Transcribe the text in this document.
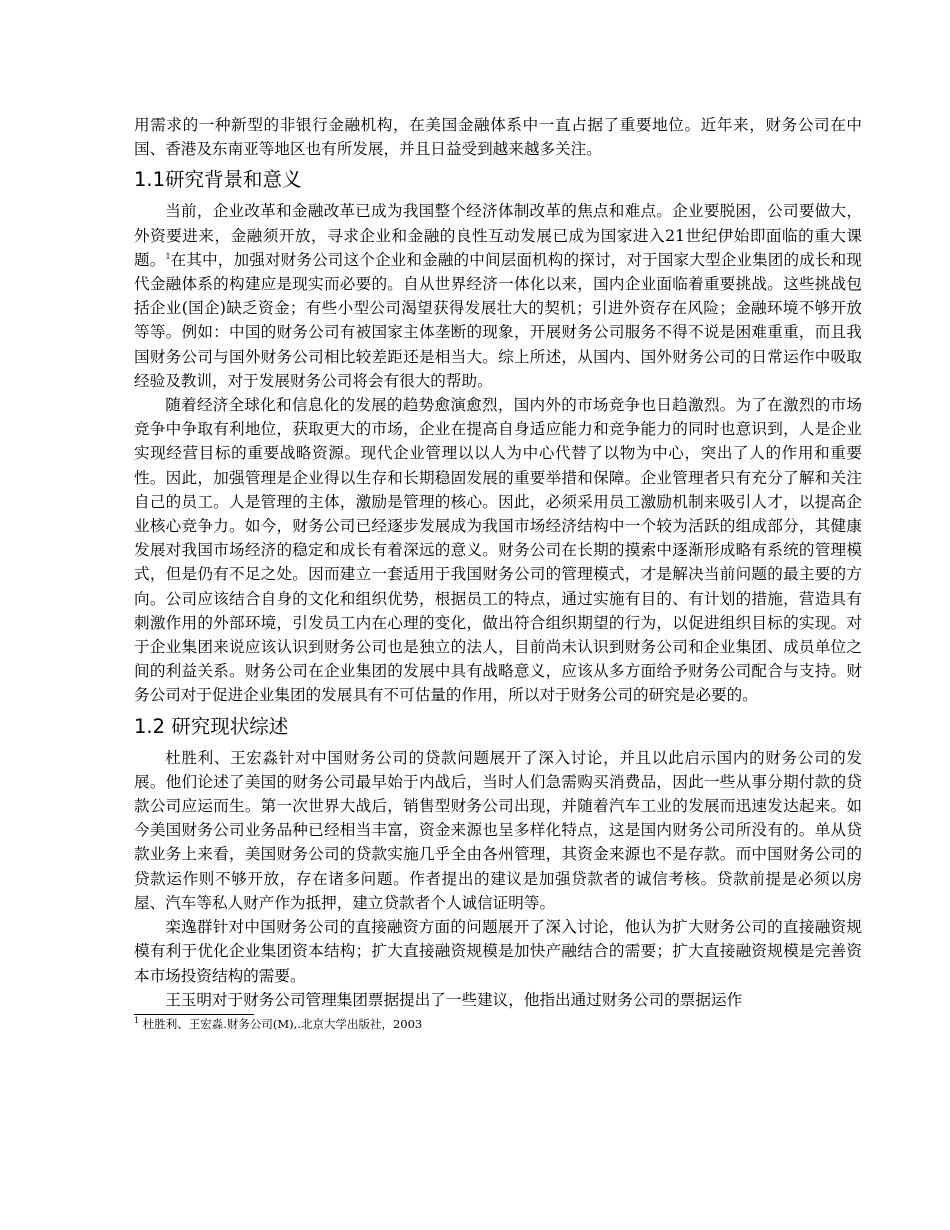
用需求的一种新型的非银行金融机构，在美国金融体系中一直占据了重要地位。近年来，财务公司在中国、香港及东南亚等地区也有所发展，并且日益受到越来越多关注。

1.1研究背景和意义

当前，企业改革和金融改革已成为我国整个经济体制改革的焦点和难点。企业要脱困，公司要做大，外资要进来，金融须开放，寻求企业和金融的良性互动发展已成为国家进入21世纪伊始即面临的重大课题。$^1$在其中，加强对财务公司这个企业和金融的中间层面机构的探讨，对于国家大型企业集团的成长和现代金融体系的构建应是现实而必要的。自从世界经济一体化以来，国内企业面临着重要挑战。这些挑战包括企业(国企)缺乏资金；有些小型公司渴望获得发展壮大的契机；引进外资存在风险；金融环境不够开放等等。例如：中国的财务公司有被国家主体垄断的现象，开展财务公司服务不得不说是困难重重，而且我国财务公司与国外财务公司相比较差距还是相当大。综上所述，从国内、国外财务公司的日常运作中吸取经验及教训，对于发展财务公司将会有很大的帮助。

随着经济全球化和信息化的发展的趋势愈演愈烈，国内外的市场竞争也日趋激烈。为了在激烈的市场竞争中争取有利地位，获取更大的市场，企业在提高自身适应能力和竞争能力的同时也意识到，人是企业实现经营目标的重要战略资源。现代企业管理以以人为中心代替了以物为中心，突出了人的作用和重要性。因此，加强管理是企业得以生存和长期稳固发展的重要举措和保障。企业管理者只有充分了解和关注自己的员工。人是管理的主体，激励是管理的核心。因此，必须采用员工激励机制来吸引人才，以提高企业核心竞争力。如今，财务公司已经逐步发展成为我国市场经济结构中一个较为活跃的组成部分，其健康发展对我国市场经济的稳定和成长有着深远的意义。财务公司在长期的摸索中逐渐形成略有系统的管理模式，但是仍有不足之处。因而建立一套适用于我国财务公司的管理模式，才是解决当前问题的最主要的方向。公司应该结合自身的文化和组织优势，根据员工的特点，通过实施有目的、有计划的措施，营造具有刺激作用的外部环境，引发员工内在心理的变化，做出符合组织期望的行为，以促进组织目标的实现。对于企业集团来说应该认识到财务公司也是独立的法人，目前尚未认识到财务公司和企业集团、成员单位之间的利益关系。财务公司在企业集团的发展中具有战略意义，应该从多方面给予财务公司配合与支持。财务公司对于促进企业集团的发展具有不可估量的作用，所以对于财务公司的研究是必要的。

1.2 研究现状综述

杜胜利、王宏淼针对中国财务公司的贷款问题展开了深入讨论，并且以此启示国内的财务公司的发展。他们论述了美国的财务公司最早始于内战后，当时人们急需购买消费品，因此一些从事分期付款的贷款公司应运而生。第一次世界大战后，销售型财务公司出现，并随着汽车工业的发展而迅速发达起来。如今美国财务公司业务品种已经相当丰富，资金来源也呈多样化特点，这是国内财务公司所没有的。单从贷款业务上来看，美国财务公司的贷款实施几乎全由各州管理，其资金来源也不是存款。而中国财务公司的贷款运作则不够开放，存在诸多问题。作者提出的建议是加强贷款者的诚信考核。贷款前提是必须以房屋、汽车等私人财产作为抵押，建立贷款者个人诚信证明等。

栾逸群针对中国财务公司的直接融资方面的问题展开了深入讨论，他认为扩大财务公司的直接融资规模有利于优化企业集团资本结构；扩大直接融资规模是加快产融结合的需要；扩大直接融资规模是完善资本市场投资结构的需要。

王玉明对于财务公司管理集团票据提出了一些建议，他指出通过财务公司的票据运作

$^1$ 杜胜利、王宏淼.财务公司(M),.北京大学出版社，2003
